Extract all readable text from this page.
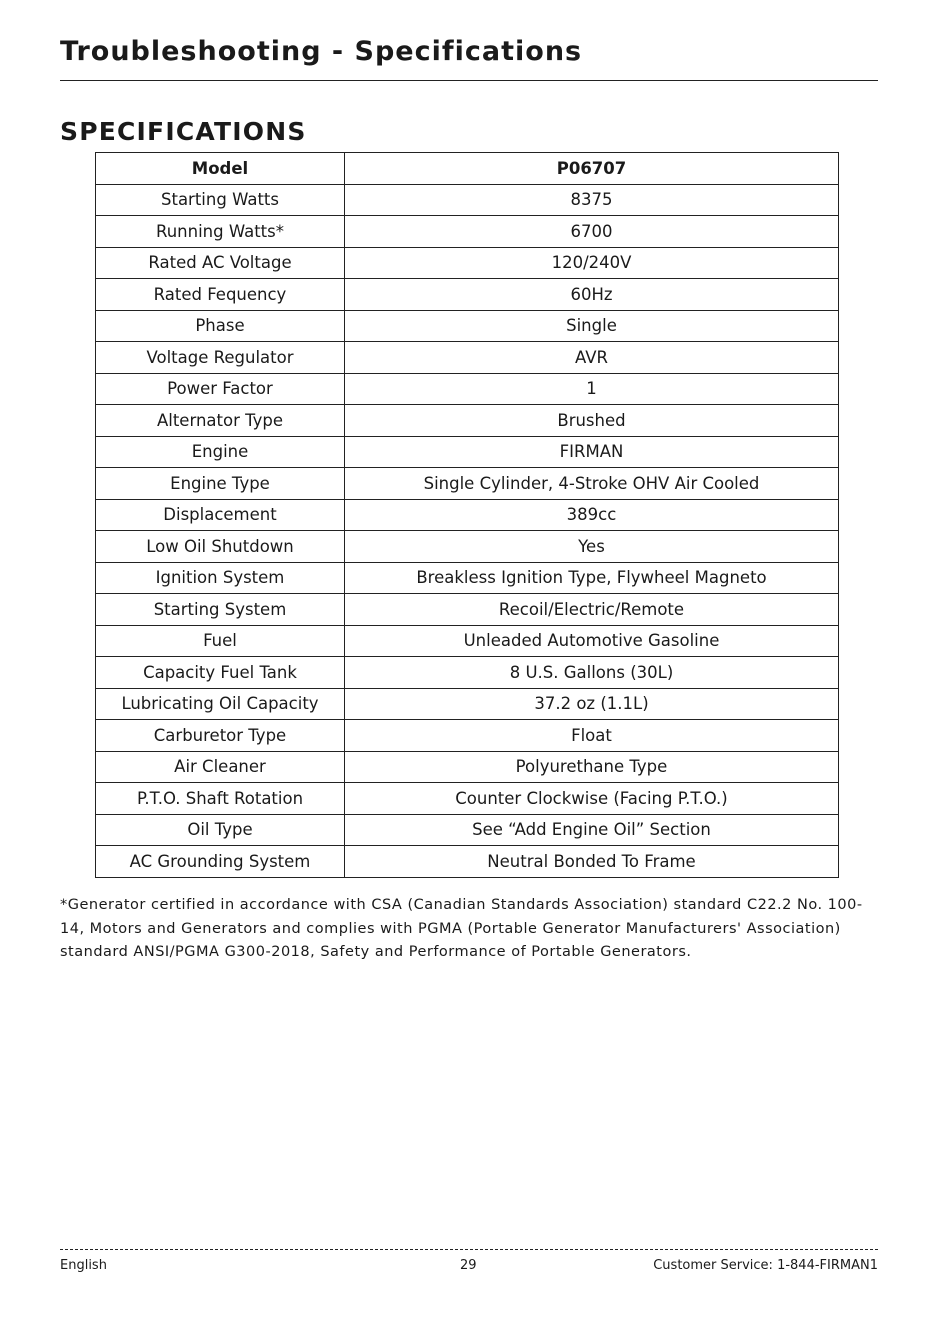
Troubleshooting - Specifications
SPECIFICATIONS
Model	P06707
Starting Watts	8375
Running Watts*	6700
Rated AC Voltage	120/240V
Rated Fequency	60Hz
Phase	Single
Voltage Regulator	AVR
Power Factor	1
Alternator Type	Brushed
Engine	FIRMAN
Engine Type	Single Cylinder, 4-Stroke OHV Air Cooled
Displacement	389cc
Low Oil Shutdown	Yes
Ignition System	Breakless Ignition Type, Flywheel Magneto
Starting System	Recoil/Electric/Remote
Fuel	Unleaded Automotive Gasoline
Capacity Fuel Tank	8 U.S. Gallons (30L)
Lubricating Oil Capacity	37.2 oz (1.1L)
Carburetor Type	Float
Air Cleaner	Polyurethane Type
P.T.O. Shaft Rotation	Counter Clockwise (Facing P.T.O.)
Oil Type	See “Add Engine Oil” Section
AC Grounding System	Neutral Bonded To Frame
*Generator certified in accordance with CSA (Canadian Standards Association) standard C22.2 No. 100-14, Motors and Generators and complies with PGMA (Portable Generator Manufacturers' Association) standard ANSI/PGMA G300-2018, Safety and Performance of Portable Generators.
English	29	Customer Service: 1-844-FIRMAN1
